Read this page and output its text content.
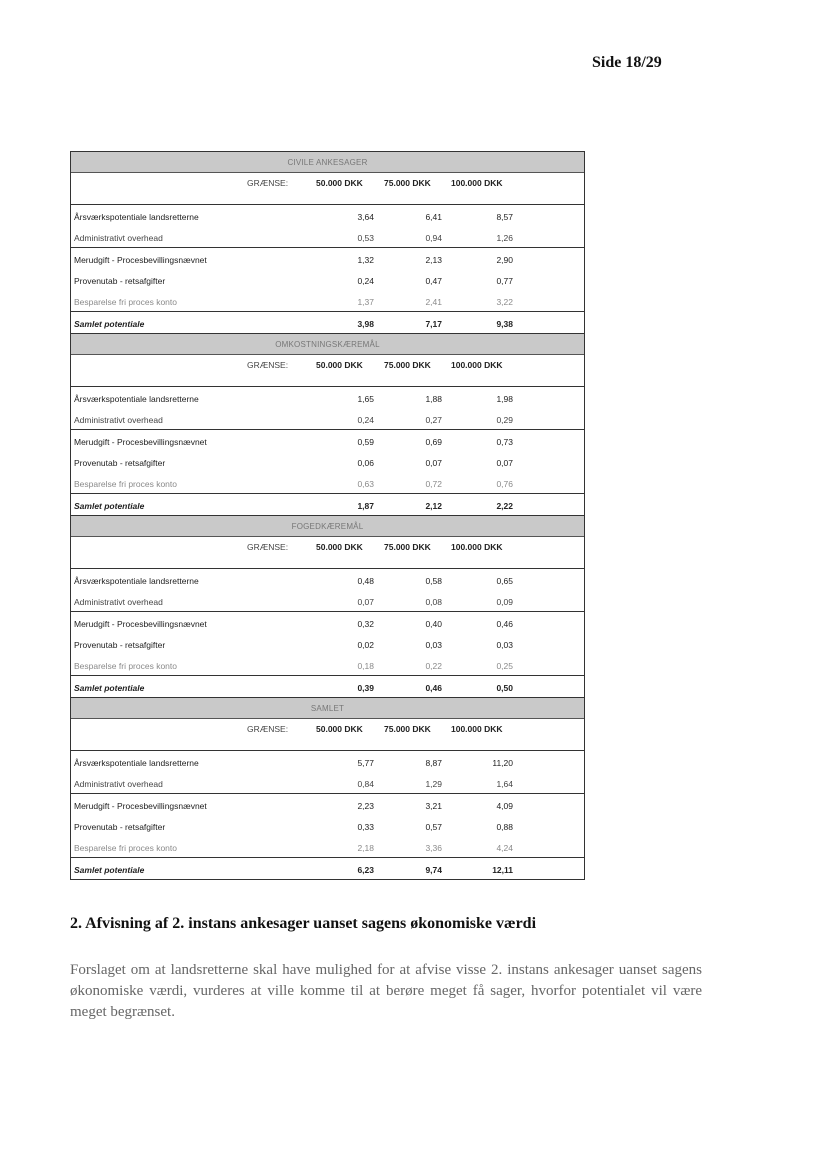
Side 18/29
CIVILE ANKESAGER
GRÆNSE:	50.000 DKK 75.000 DKK 100.000 DKK
Årsværkspotentiale landsretterne	3,64	6,41	8,57
Administrativt overhead	0,53	0,94	1,26
Merudgift - Procesbevillingsnævnet	1,32	2,13	2,90
Provenutab - retsafgifter	0,24	0,47	0,77
Besparelse fri proces konto	1,37	2,41	3,22
Samlet potentiale	3,98	7,17	9,38
OMKOSTNINGSKÆREMÅL
GRÆNSE:	50.000 DKK 75.000 DKK 100.000 DKK
Årsværkspotentiale landsretterne	1,65	1,88	1,98
Administrativt overhead	0,24	0,27	0,29
Merudgift - Procesbevillingsnævnet	0,59	0,69	0,73
Provenutab - retsafgifter	0,06	0,07	0,07
Besparelse fri proces konto	0,63	0,72	0,76
Samlet potentiale	1,87	2,12	2,22
FOGEDKÆREMÅL
GRÆNSE:	50.000 DKK 75.000 DKK 100.000 DKK
Årsværkspotentiale landsretterne	0,48	0,58	0,65
Administrativt overhead	0,07	0,08	0,09
Merudgift - Procesbevillingsnævnet	0,32	0,40	0,46
Provenutab - retsafgifter	0,02	0,03	0,03
Besparelse fri proces konto	0,18	0,22	0,25
Samlet potentiale	0,39	0,46	0,50
SAMLET
GRÆNSE:	50.000 DKK 75.000 DKK 100.000 DKK
Årsværkspotentiale landsretterne	5,77	8,87	11,20
Administrativt overhead	0,84	1,29	1,64
Merudgift - Procesbevillingsnævnet	2,23	3,21	4,09
Provenutab - retsafgifter	0,33	0,57	0,88
Besparelse fri proces konto	2,18	3,36	4,24
Samlet potentiale	6,23	9,74	12,11
2. Afvisning af 2. instans ankesager uanset sagens økonomiske værdi
Forslaget om at landsretterne skal have mulighed for at afvise visse 2. instans ankesager uanset sagens økonomiske værdi, vurderes at ville komme til at berøre meget få sager, hvorfor potentialet vil være meget begrænset.
